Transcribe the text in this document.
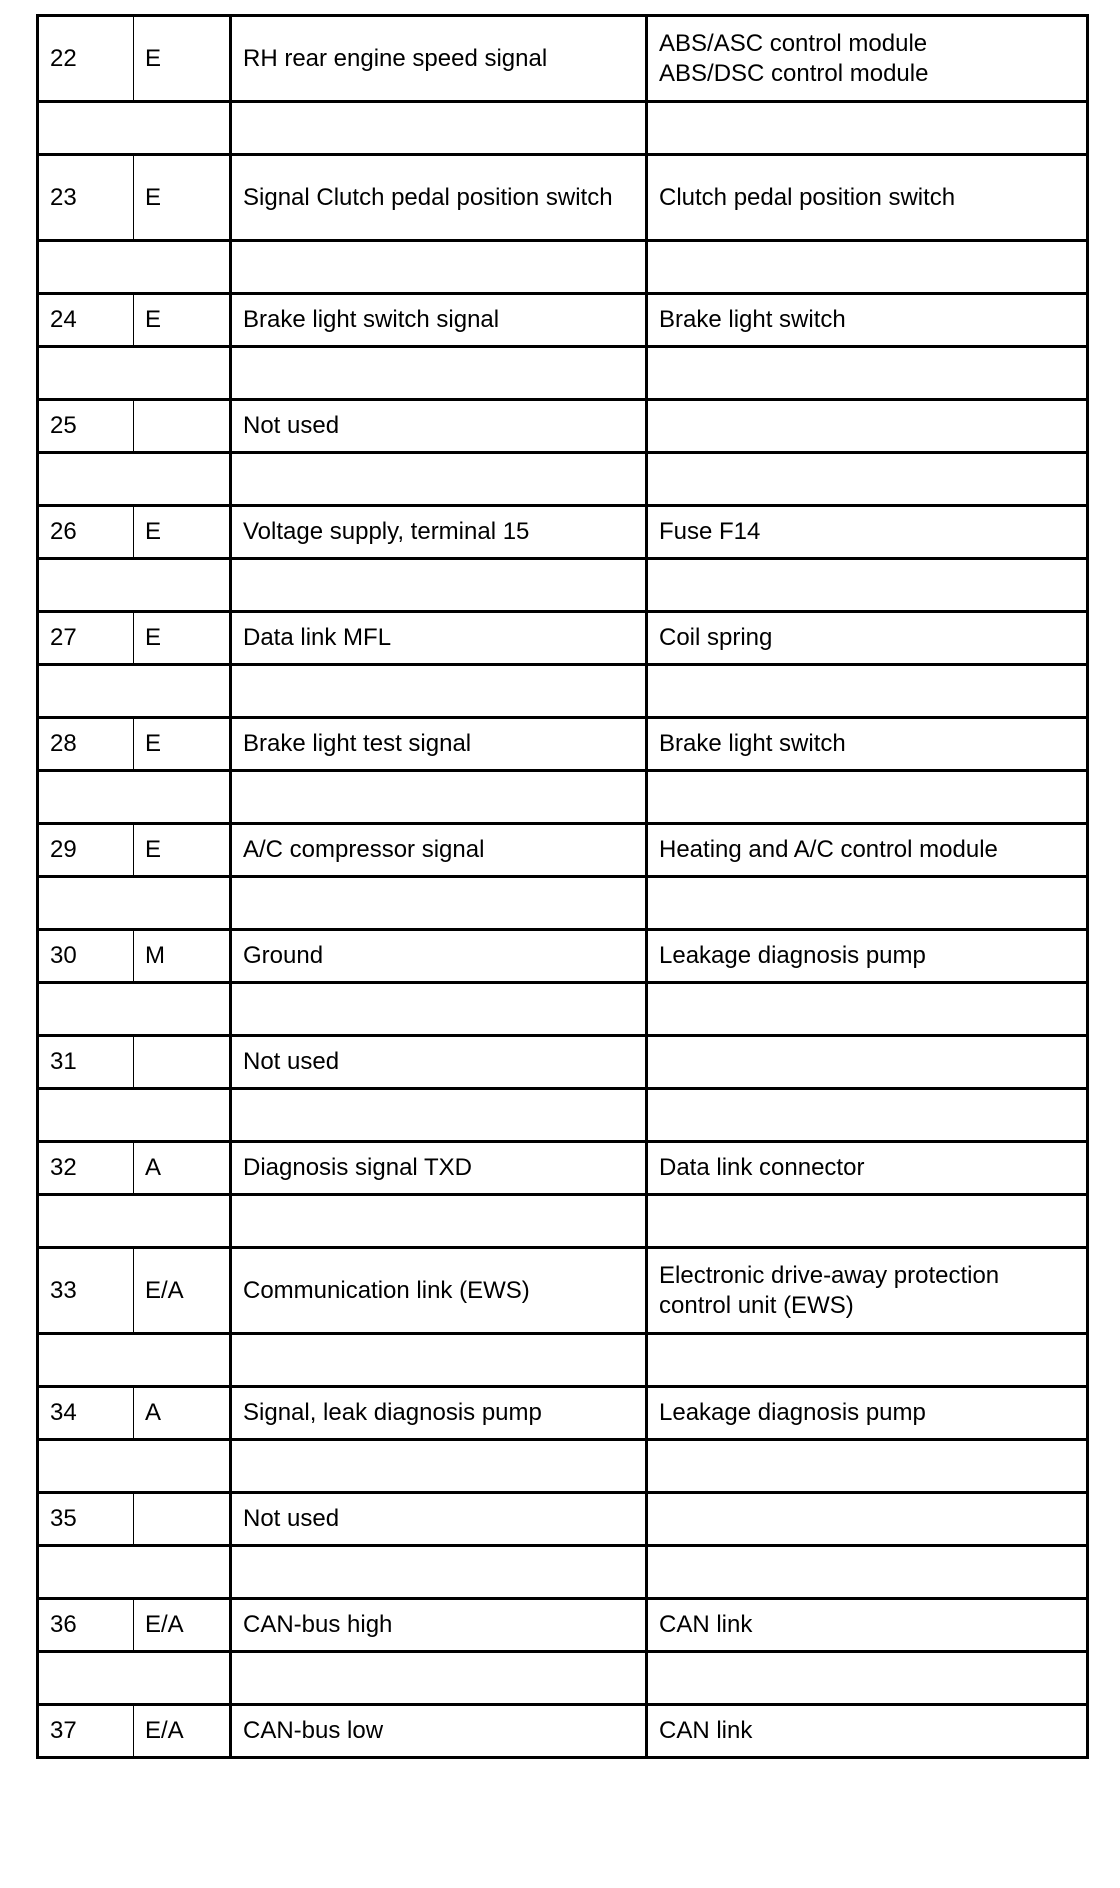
22	E	RH rear engine speed signal	ABS/ASC control module
ABS/DSC control module

23	E	Signal Clutch pedal position switch	Clutch pedal position switch

24	E	Brake light switch signal	Brake light switch

25		Not used	

26	E	Voltage supply, terminal 15	Fuse F14

27	E	Data link MFL	Coil spring

28	E	Brake light test signal	Brake light switch

29	E	A/C compressor signal	Heating and A/C control module

30	M	Ground	Leakage diagnosis pump

31		Not used	

32	A	Diagnosis signal TXD	Data link connector

33	E/A	Communication link (EWS)	Electronic drive-away protection control unit (EWS)

34	A	Signal, leak diagnosis pump	Leakage diagnosis pump

35		Not used	

36	E/A	CAN-bus high	CAN link

37	E/A	CAN-bus low	CAN link
